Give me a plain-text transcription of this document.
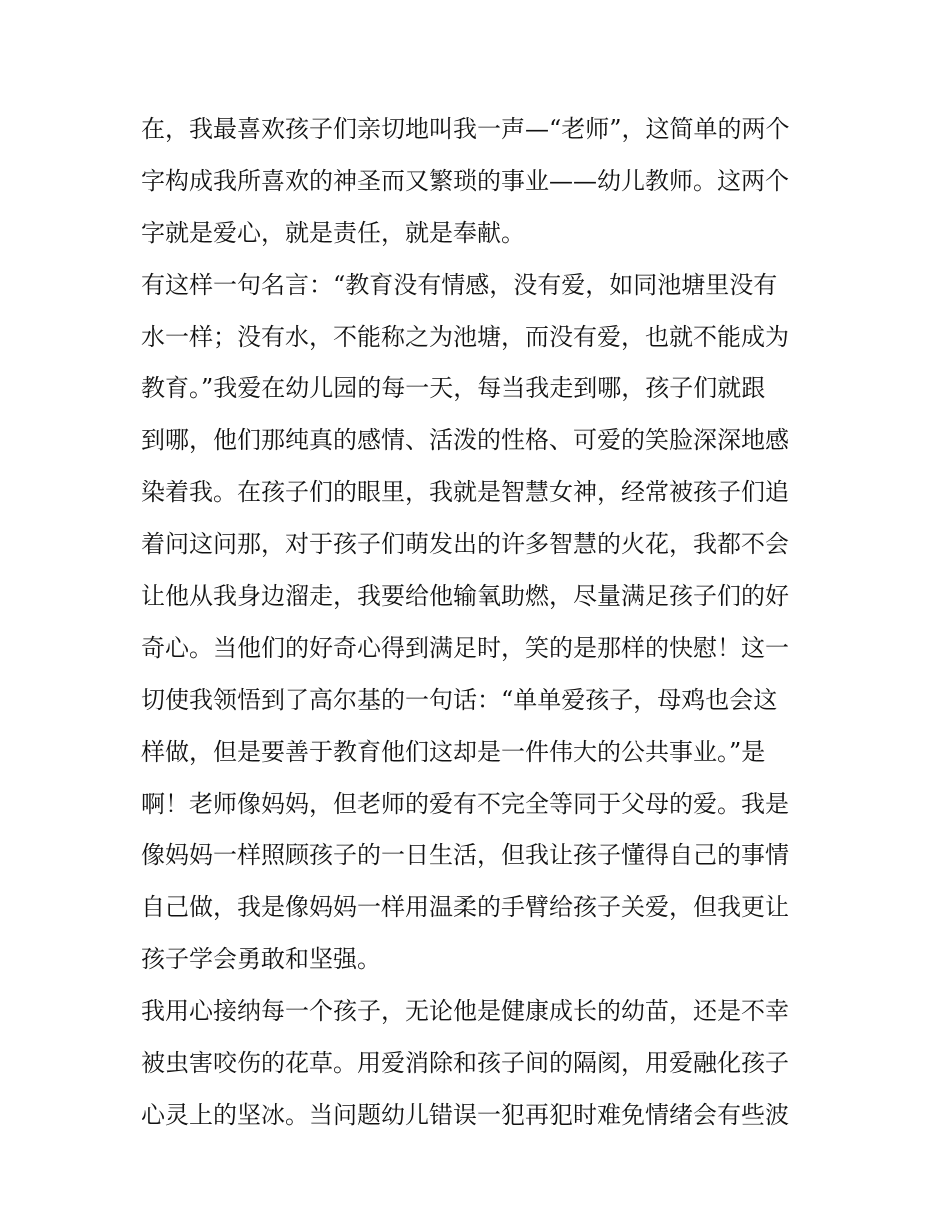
在，我最喜欢孩子们亲切地叫我一声—“老师”，这简单的两个
字构成我所喜欢的神圣而又繁琐的事业——幼儿教师。这两个
字就是爱心，就是责任，就是奉献。
有这样一句名言：“教育没有情感，没有爱，如同池塘里没有
水一样；没有水，不能称之为池塘，而没有爱，也就不能成为
教育。”我爱在幼儿园的每一天，每当我走到哪，孩子们就跟
到哪，他们那纯真的感情、活泼的性格、可爱的笑脸深深地感
染着我。在孩子们的眼里，我就是智慧女神，经常被孩子们追
着问这问那，对于孩子们萌发出的许多智慧的火花，我都不会
让他从我身边溜走，我要给他输氧助燃，尽量满足孩子们的好
奇心。当他们的好奇心得到满足时，笑的是那样的快慰！这一
切使我领悟到了高尔基的一句话：“单单爱孩子，母鸡也会这
样做，但是要善于教育他们这却是一件伟大的公共事业。”是
啊！老师像妈妈，但老师的爱有不完全等同于父母的爱。我是
像妈妈一样照顾孩子的一日生活，但我让孩子懂得自己的事情
自己做，我是像妈妈一样用温柔的手臂给孩子关爱，但我更让
孩子学会勇敢和坚强。
我用心接纳每一个孩子，无论他是健康成长的幼苗，还是不幸
被虫害咬伤的花草。用爱消除和孩子间的隔阂，用爱融化孩子
心灵上的坚冰。当问题幼儿错误一犯再犯时难免情绪会有些波
